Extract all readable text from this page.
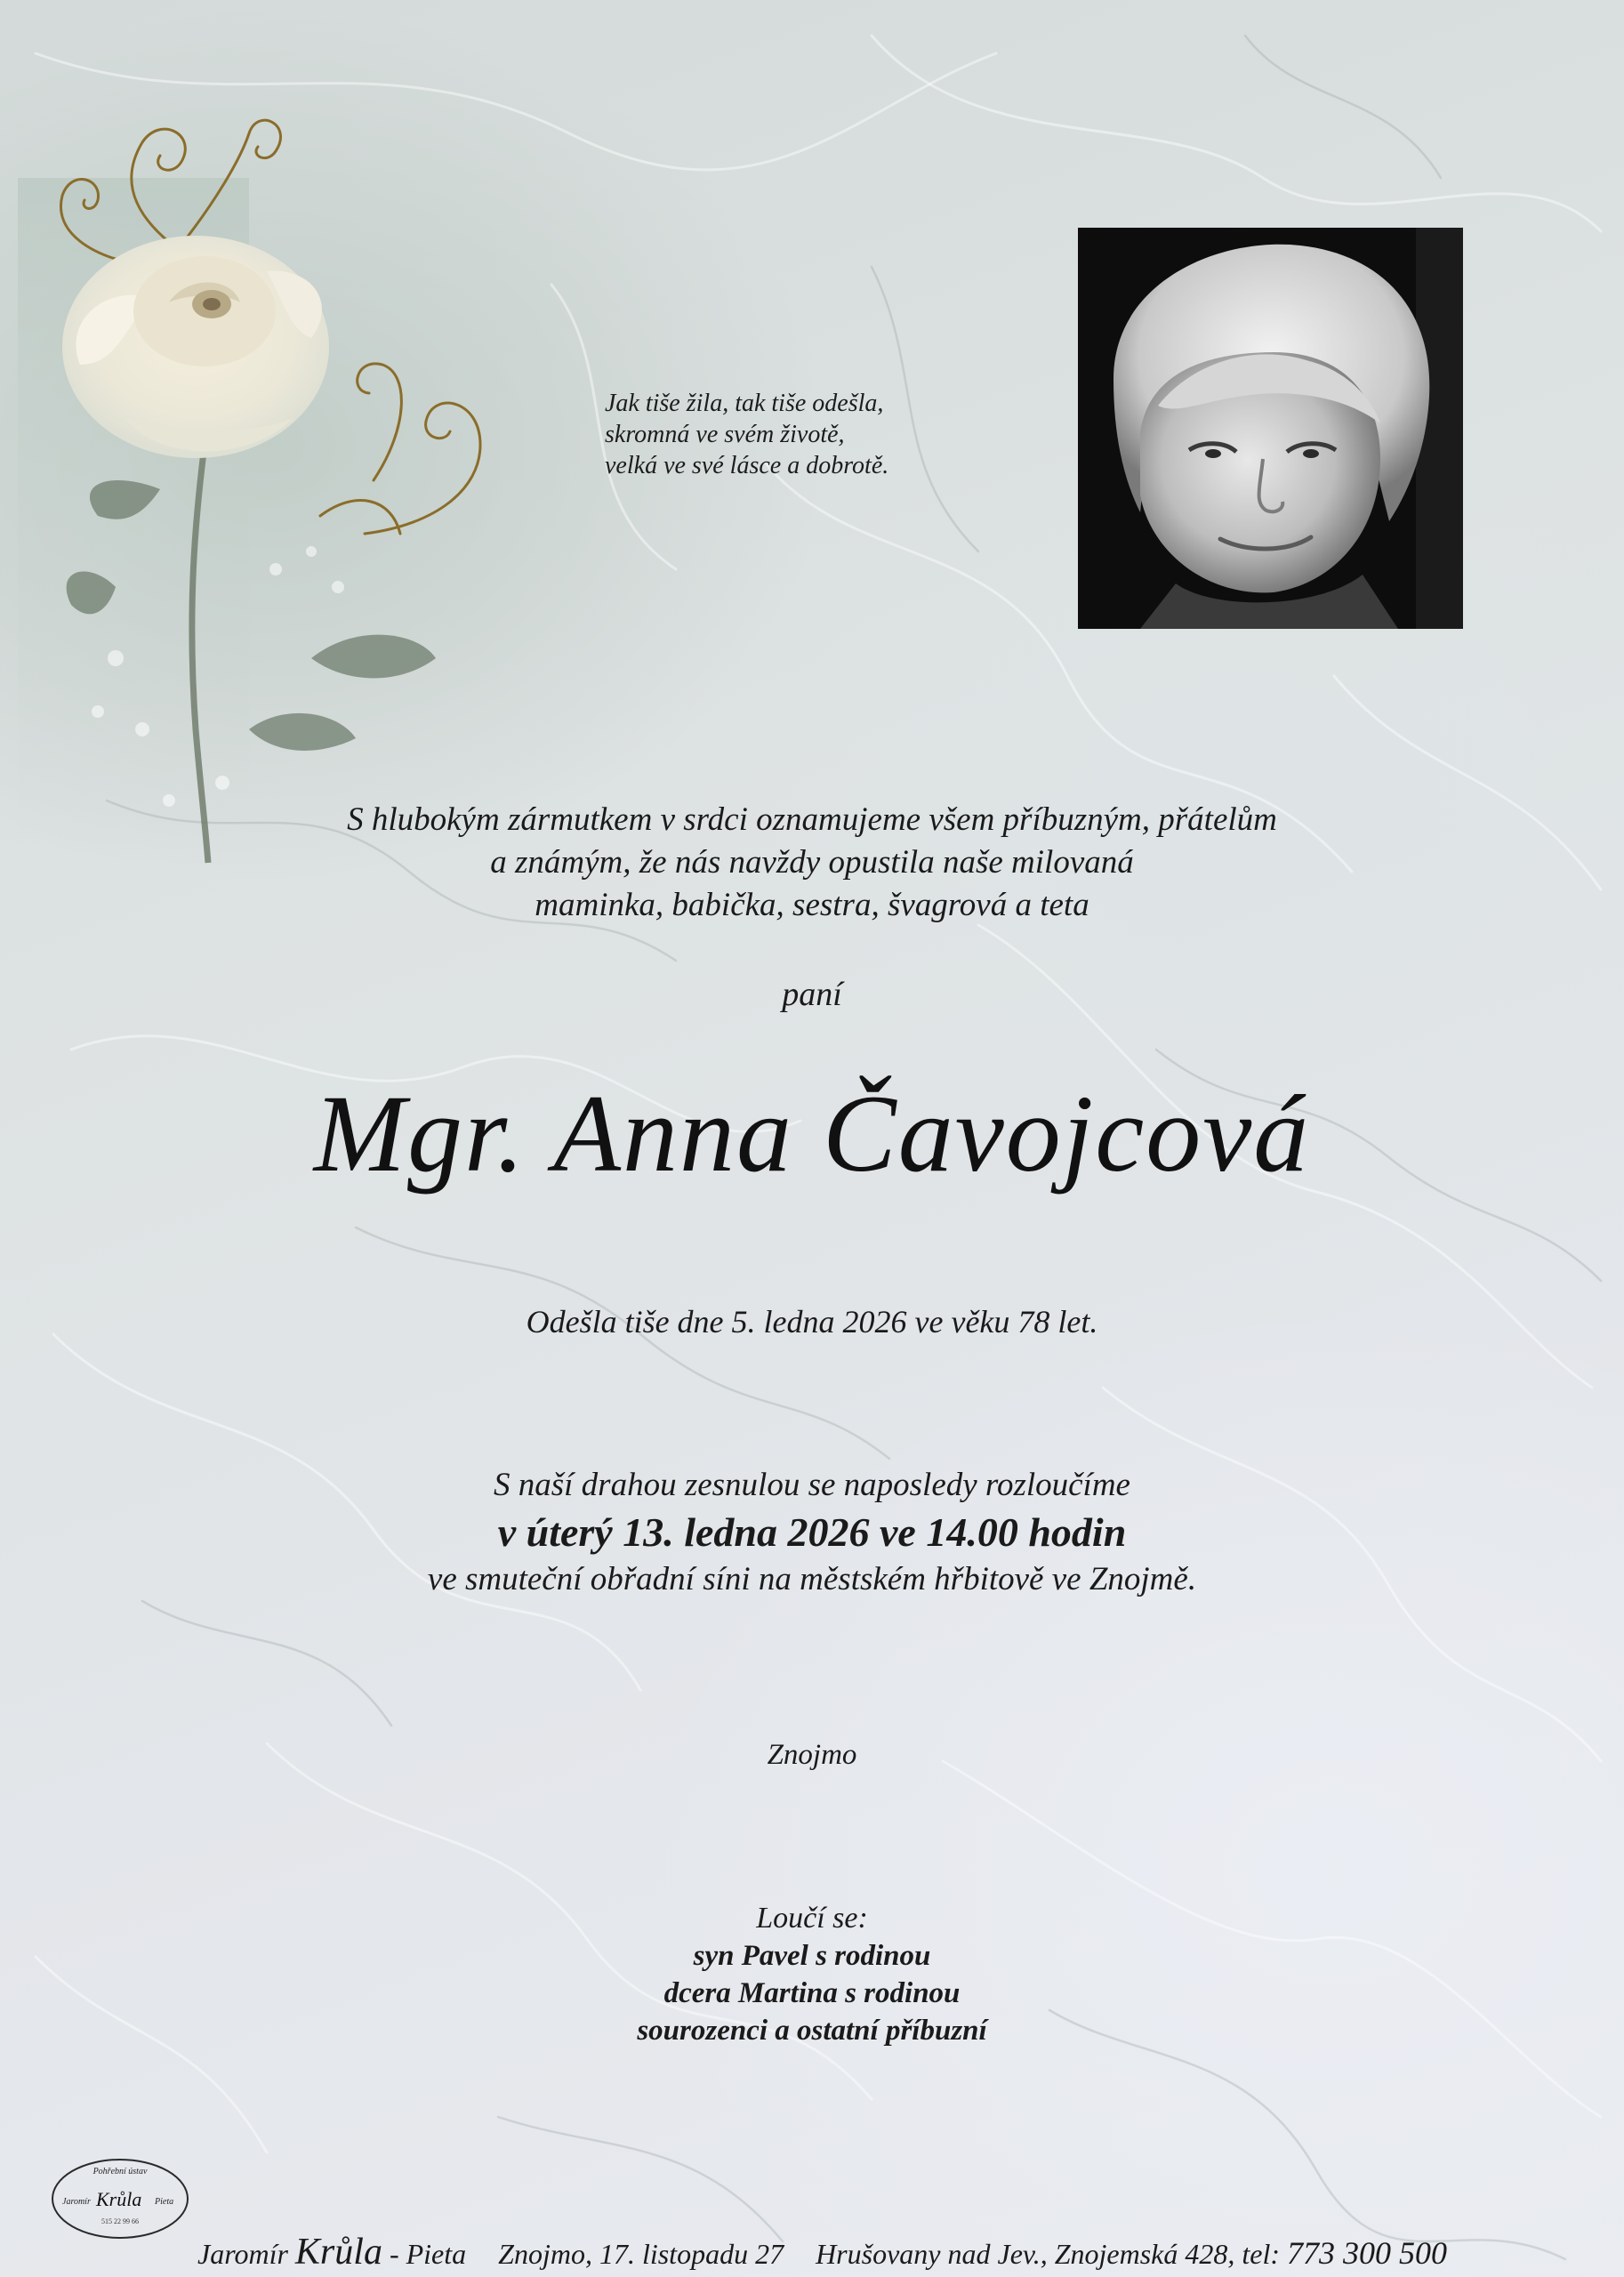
Jak tiše žila, tak tiše odešla,
skromná ve svém životě,
velká ve své lásce a dobrotě.
S hlubokým zármutkem v srdci oznamujeme všem příbuzným, přátelům
a známým, že nás navždy opustila naše milovaná
maminka, babička, sestra, švagrová a teta
paní
Mgr. Anna Čavojcová
Odešla tiše dne 5. ledna 2026 ve věku 78 let.
S naší drahou zesnulou se naposledy rozloučíme
v úterý 13. ledna 2026 ve 14.00 hodin
ve smuteční obřadní síni na městském hřbitově ve Znojmě.
Znojmo
Loučí se:
syn Pavel s rodinou
dcera Martina s rodinou
sourozenci a ostatní příbuzní
Pohřební ústav
Jaromír Krůla Pieta
515 22 99 66
Jaromír Krůla - Pieta Znojmo, 17. listopadu 27 Hrušovany nad Jev., Znojemská 428, tel: 773 300 500
